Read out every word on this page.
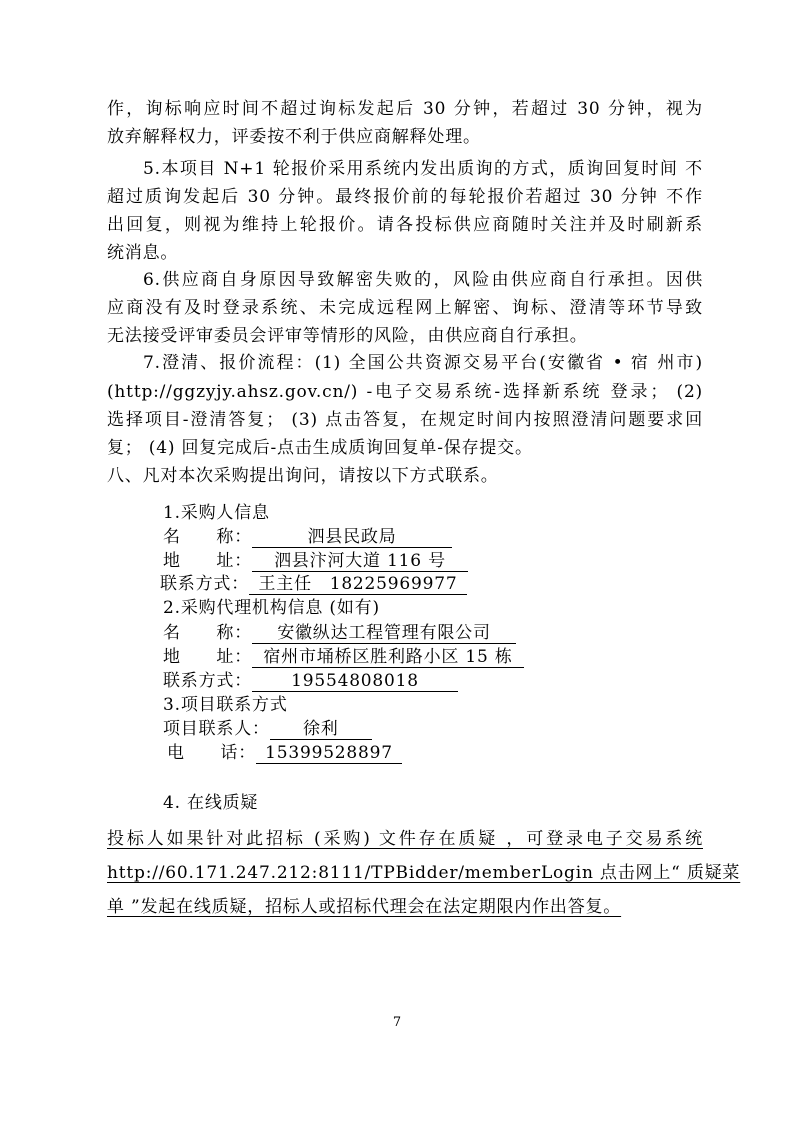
作，询标响应时间不超过询标发起后 30 分钟，若超过 30 分钟，视为

放弃解释权力，评委按不利于供应商解释处理。

5.本项目 N+1 轮报价采用系统内发出质询的方式，质询回复时间 不

超过质询发起后 30 分钟。最终报价前的每轮报价若超过 30 分钟 不作

出回复，则视为维持上轮报价。请各投标供应商随时关注并及时刷新系

统消息。

6.供应商自身原因导致解密失败的，风险由供应商自行承担。因供

应商没有及时登录系统、未完成远程网上解密、询标、澄清等环节导致

无法接受评审委员会评审等情形的风险，由供应商自行承担。

7.澄清、报价流程：(1) 全国公共资源交易平台(安徽省 • 宿 州市)

(http://ggzyjy.ahsz.gov.cn/) -电子交易系统-选择新系统 登录； (2)

选择项目-澄清答复； (3) 点击答复，在规定时间内按照澄清问题要求回

复； (4) 回复完成后-点击生成质询回复单-保存提交。

八、凡对本次采购提出询问，请按以下方式联系。

1.采购人信息

名　　称：	泗县民政局

地　　址： 泗县汴河大道 116 号

联系方式： 王主任　18225969977

2.采购代理机构信息 (如有)

名　　称： 安徽纵达工程管理有限公司

地　　址： 宿州市埇桥区胜利路小区 15 栋

联系方式： 19554808018

3.项目联系方式

项目联系人： 徐利

电　　话： 15399528897

4. 在线质疑

投标人如果针对此招标 (采购) 文件存在质疑 ，可登录电子交易系统

http://60.171.247.212:8111/TPBidder/memberLogin 点击网上“ 质疑菜

单 ”发起在线质疑，招标人或招标代理会在法定期限内作出答复。

7
